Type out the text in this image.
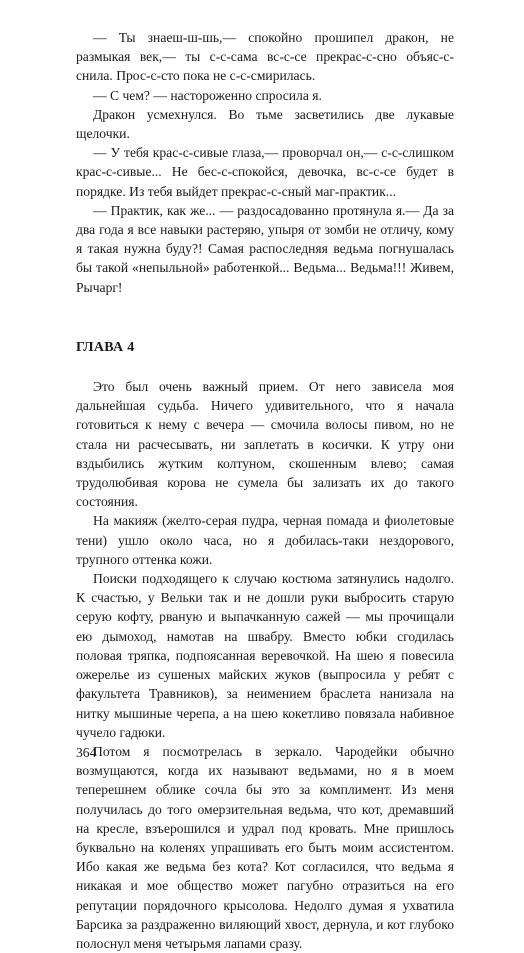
— Ты знаеш-ш-шь,— спокойно прошипел дракон, не размыкая век,— ты с-с-сама вс-с-се прекрас-с-сно объяс-с-снила. Прос-с-сто пока не с-с-смирилась.

— С чем? — настороженно спросила я.

Дракон усмехнулся. Во тьме засветились две лукавые щелочки.

— У тебя крас-с-сивые глаза,— проворчал он,— с-с-слишком крас-с-сивые... Не бес-с-спокойся, девочка, вс-с-се будет в порядке. Из тебя выйдет прекрас-с-сный маг-практик...

— Практик, как же... — раздосадованно протянула я.— Да за два года я все навыки растеряю, упыря от зомби не отличу, кому я такая нужна буду?! Самая распоследняя ведьма погнушалась бы такой «непыльной» работенкой... Ведьма... Ведьма!!! Живем, Рычарг!

ГЛАВА 4

Это был очень важный прием. От него зависела моя дальнейшая судьба. Ничего удивительного, что я начала готовиться к нему с вечера — смочила волосы пивом, но не стала ни расчесывать, ни заплетать в косички. К утру они вздыбились жутким колтуном, скошенным влево; самая трудолюбивая корова не сумела бы зализать их до такого состояния.

На макияж (желто-серая пудра, черная помада и фиолетовые тени) ушло около часа, но я добилась-таки нездорового, трупного оттенка кожи.

Поиски подходящего к случаю костюма затянулись надолго. К счастью, у Вельки так и не дошли руки выбросить старую серую кофту, рваную и выпачканную сажей — мы прочищали ею дымоход, намотав на швабру. Вместо юбки сгодилась половая тряпка, подпоясанная веревочкой. На шею я повесила ожерелье из сушеных майских жуков (выпросила у ребят с факультета Травников), за неимением браслета нанизала на нитку мышиные черепа, а на шею кокетливо повязала набивное чучело гадюки.

Потом я посмотрелась в зеркало. Чародейки обычно возмущаются, когда их называют ведьмами, но я в моем теперешнем облике сочла бы это за комплимент. Из меня получилась до того омерзительная ведьма, что кот, дремавший на кресле, взъерошился и удрал под кровать. Мне пришлось буквально на коленях упрашивать его быть моим ассистентом. Ибо какая же ведьма без кота? Кот согласился, что ведьма я никакая и мое общество может пагубно отразиться на его репутации порядочного крысолова. Недолго думая я ухватила Барсика за раздраженно виляющий хвост, дернула, и кот глубоко полоснул меня четырьмя лапами сразу.

364
